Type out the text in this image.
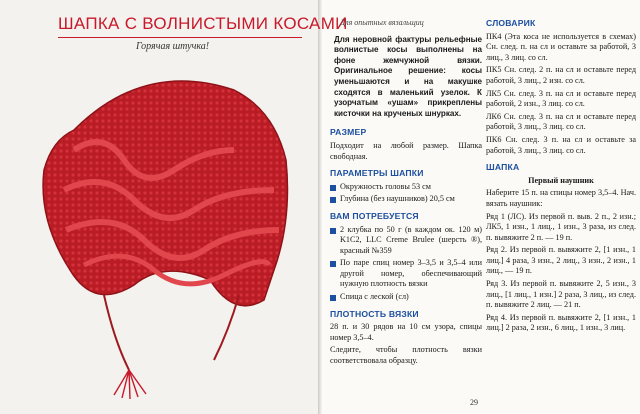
ШАПКА С ВОЛНИСТЫМИ КОСАМИ
Горячая штучка!
Для опытных вязальщиц
Для неровной фактуры рельефные волнистые косы выполнены на фоне жемчужной вязки. Оригинальное решение: косы уменьшаются и на макушке сходятся в маленький узелок. К узорчатым «ушам» прикреплены кисточки на крученых шнурках.
РАЗМЕР
Подходит на любой размер. Шапка свободная.
ПАРАМЕТРЫ ШАПКИ
Окружность головы 53 см
Глубина (без наушников) 20,5 см
ВАМ ПОТРЕБУЕТСЯ
2 клубка по 50 г (в каждом ок. 120 м) K1C2, LLC Creme Brulee (шерсть ®), красный №359
По паре спиц номер 3–3,5 и 3,5–4 или другой номер, обеспечивающий нужную плотность вязки
Спица с леской (сл)
ПЛОТНОСТЬ ВЯЗКИ
28 п. и 30 рядов на 10 см узора, спицы номер 3,5–4.
Следите, чтобы плотность вязки соответствовала образцу.
СЛОВАРИК
ПК4 (Эта коса не используется в схемах) Сн. след. п. на сл и оставьте за работой, 3 лиц., 3 лиц. со сл.
ПК5 Сн. след. 2 п. на сл и оставьте перед работой, 3 лиц., 2 изн. со сл.
ЛК5 Сн. след. 3 п. на сл и оставьте перед работой, 2 изн., 3 лиц. со сл.
ЛК6 Сн. след. 3 п. на сл и оставьте перед работой, 3 лиц., 3 лиц. со сл.
ПК6 Сн. след. 3 п. на сл и оставьте за работой, 3 лиц., 3 лиц. со сл.
ШАПКА
Первый наушник
Наберите 15 п. на спицы номер 3,5–4. Нач. вязать наушник:
Ряд 1 (ЛС). Из первой п. выв. 2 п., 2 изн.; ЛК5, 1 изн., 1 лиц., 1 изн., 3 раза, из след. п. вывяжите 2 п. — 19 п.
Ряд 2. Из первой п. вывяжите 2, [1 изн., 1 лиц.] 4 раза, 3 изн., 2 лиц., 3 изн., 2 изн., 1 лиц., — 19 п.
Ряд 3. Из первой п. вывяжите 2, 5 изн., 3 лиц., [1 лиц., 1 изн.] 2 раза, 3 лиц., из след. п. вывяжите 2 лиц. — 21 п.
Ряд 4. Из первой п. вывяжите 2, [1 изн., 1 лиц.] 2 раза, 2 изн., 6 лиц., 1 изн., 3 лиц.
29
